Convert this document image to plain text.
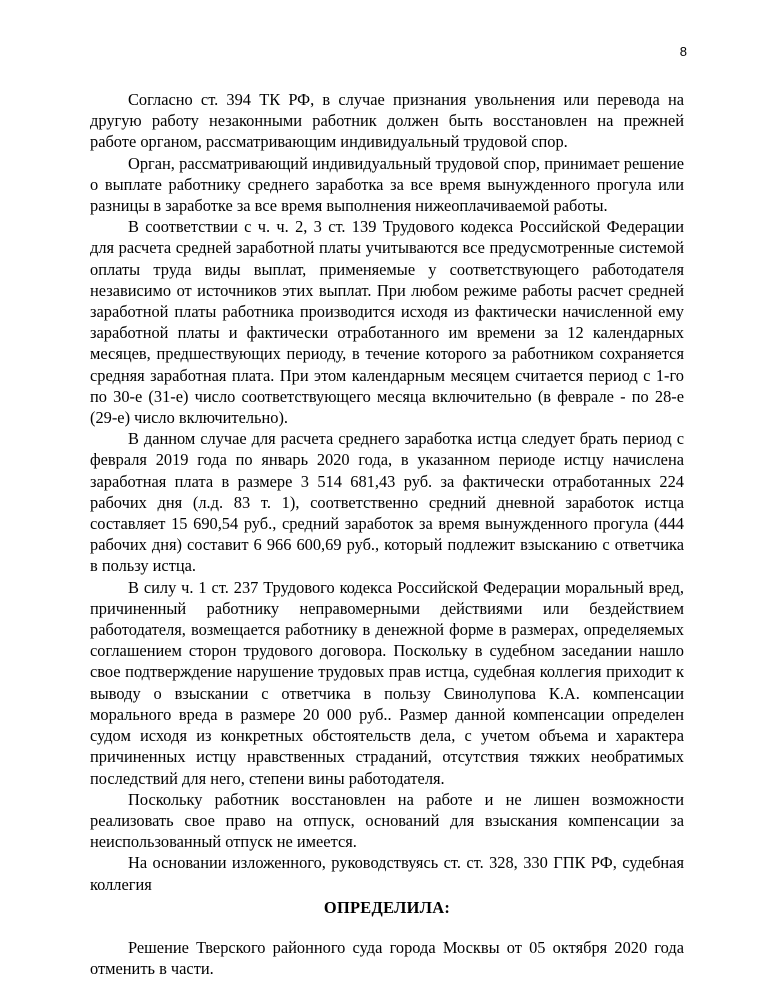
8

Согласно ст. 394 ТК РФ, в случае признания увольнения или перевода на другую работу незаконными работник должен быть восстановлен на прежней работе органом, рассматривающим индивидуальный трудовой спор.

Орган, рассматривающий индивидуальный трудовой спор, принимает решение о выплате работнику среднего заработка за все время вынужденного прогула или разницы в заработке за все время выполнения нижеоплачиваемой работы.

В соответствии с ч. ч. 2, 3 ст. 139 Трудового кодекса Российской Федерации для расчета средней заработной платы учитываются все предусмотренные системой оплаты труда виды выплат, применяемые у соответствующего работодателя независимо от источников этих выплат. При любом режиме работы расчет средней заработной платы работника производится исходя из фактически начисленной ему заработной платы и фактически отработанного им времени за 12 календарных месяцев, предшествующих периоду, в течение которого за работником сохраняется средняя заработная плата. При этом календарным месяцем считается период с 1-го по 30-е (31-е) число соответствующего месяца включительно (в феврале - по 28-е (29-е) число включительно).

В данном случае для расчета среднего заработка истца следует брать период с февраля 2019 года по январь 2020 года, в указанном периоде истцу начислена заработная плата в размере 3 514 681,43 руб. за фактически отработанных 224 рабочих дня (л.д. 83 т. 1), соответственно средний дневной заработок истца составляет 15 690,54 руб., средний заработок за время вынужденного прогула (444 рабочих дня) составит 6 966 600,69 руб., который подлежит взысканию с ответчика в пользу истца.

В силу ч. 1 ст. 237 Трудового кодекса Российской Федерации моральный вред, причиненный работнику неправомерными действиями или бездействием работодателя, возмещается работнику в денежной форме в размерах, определяемых соглашением сторон трудового договора. Поскольку в судебном заседании нашло свое подтверждение нарушение трудовых прав истца, судебная коллегия приходит к выводу о взыскании с ответчика в пользу Свинолупова К.А. компенсации морального вреда в размере 20 000 руб.. Размер данной компенсации определен судом исходя из конкретных обстоятельств дела, с учетом объема и характера причиненных истцу нравственных страданий, отсутствия тяжких необратимых последствий для него, степени вины работодателя.

Поскольку работник восстановлен на работе и не лишен возможности реализовать свое право на отпуск, оснований для взыскания компенсации за неиспользованный отпуск не имеется.

На основании изложенного, руководствуясь ст. ст. 328, 330 ГПК РФ, судебная коллегия

ОПРЕДЕЛИЛА:

Решение Тверского районного суда города Москвы от 05 октября 2020 года отменить в части.
